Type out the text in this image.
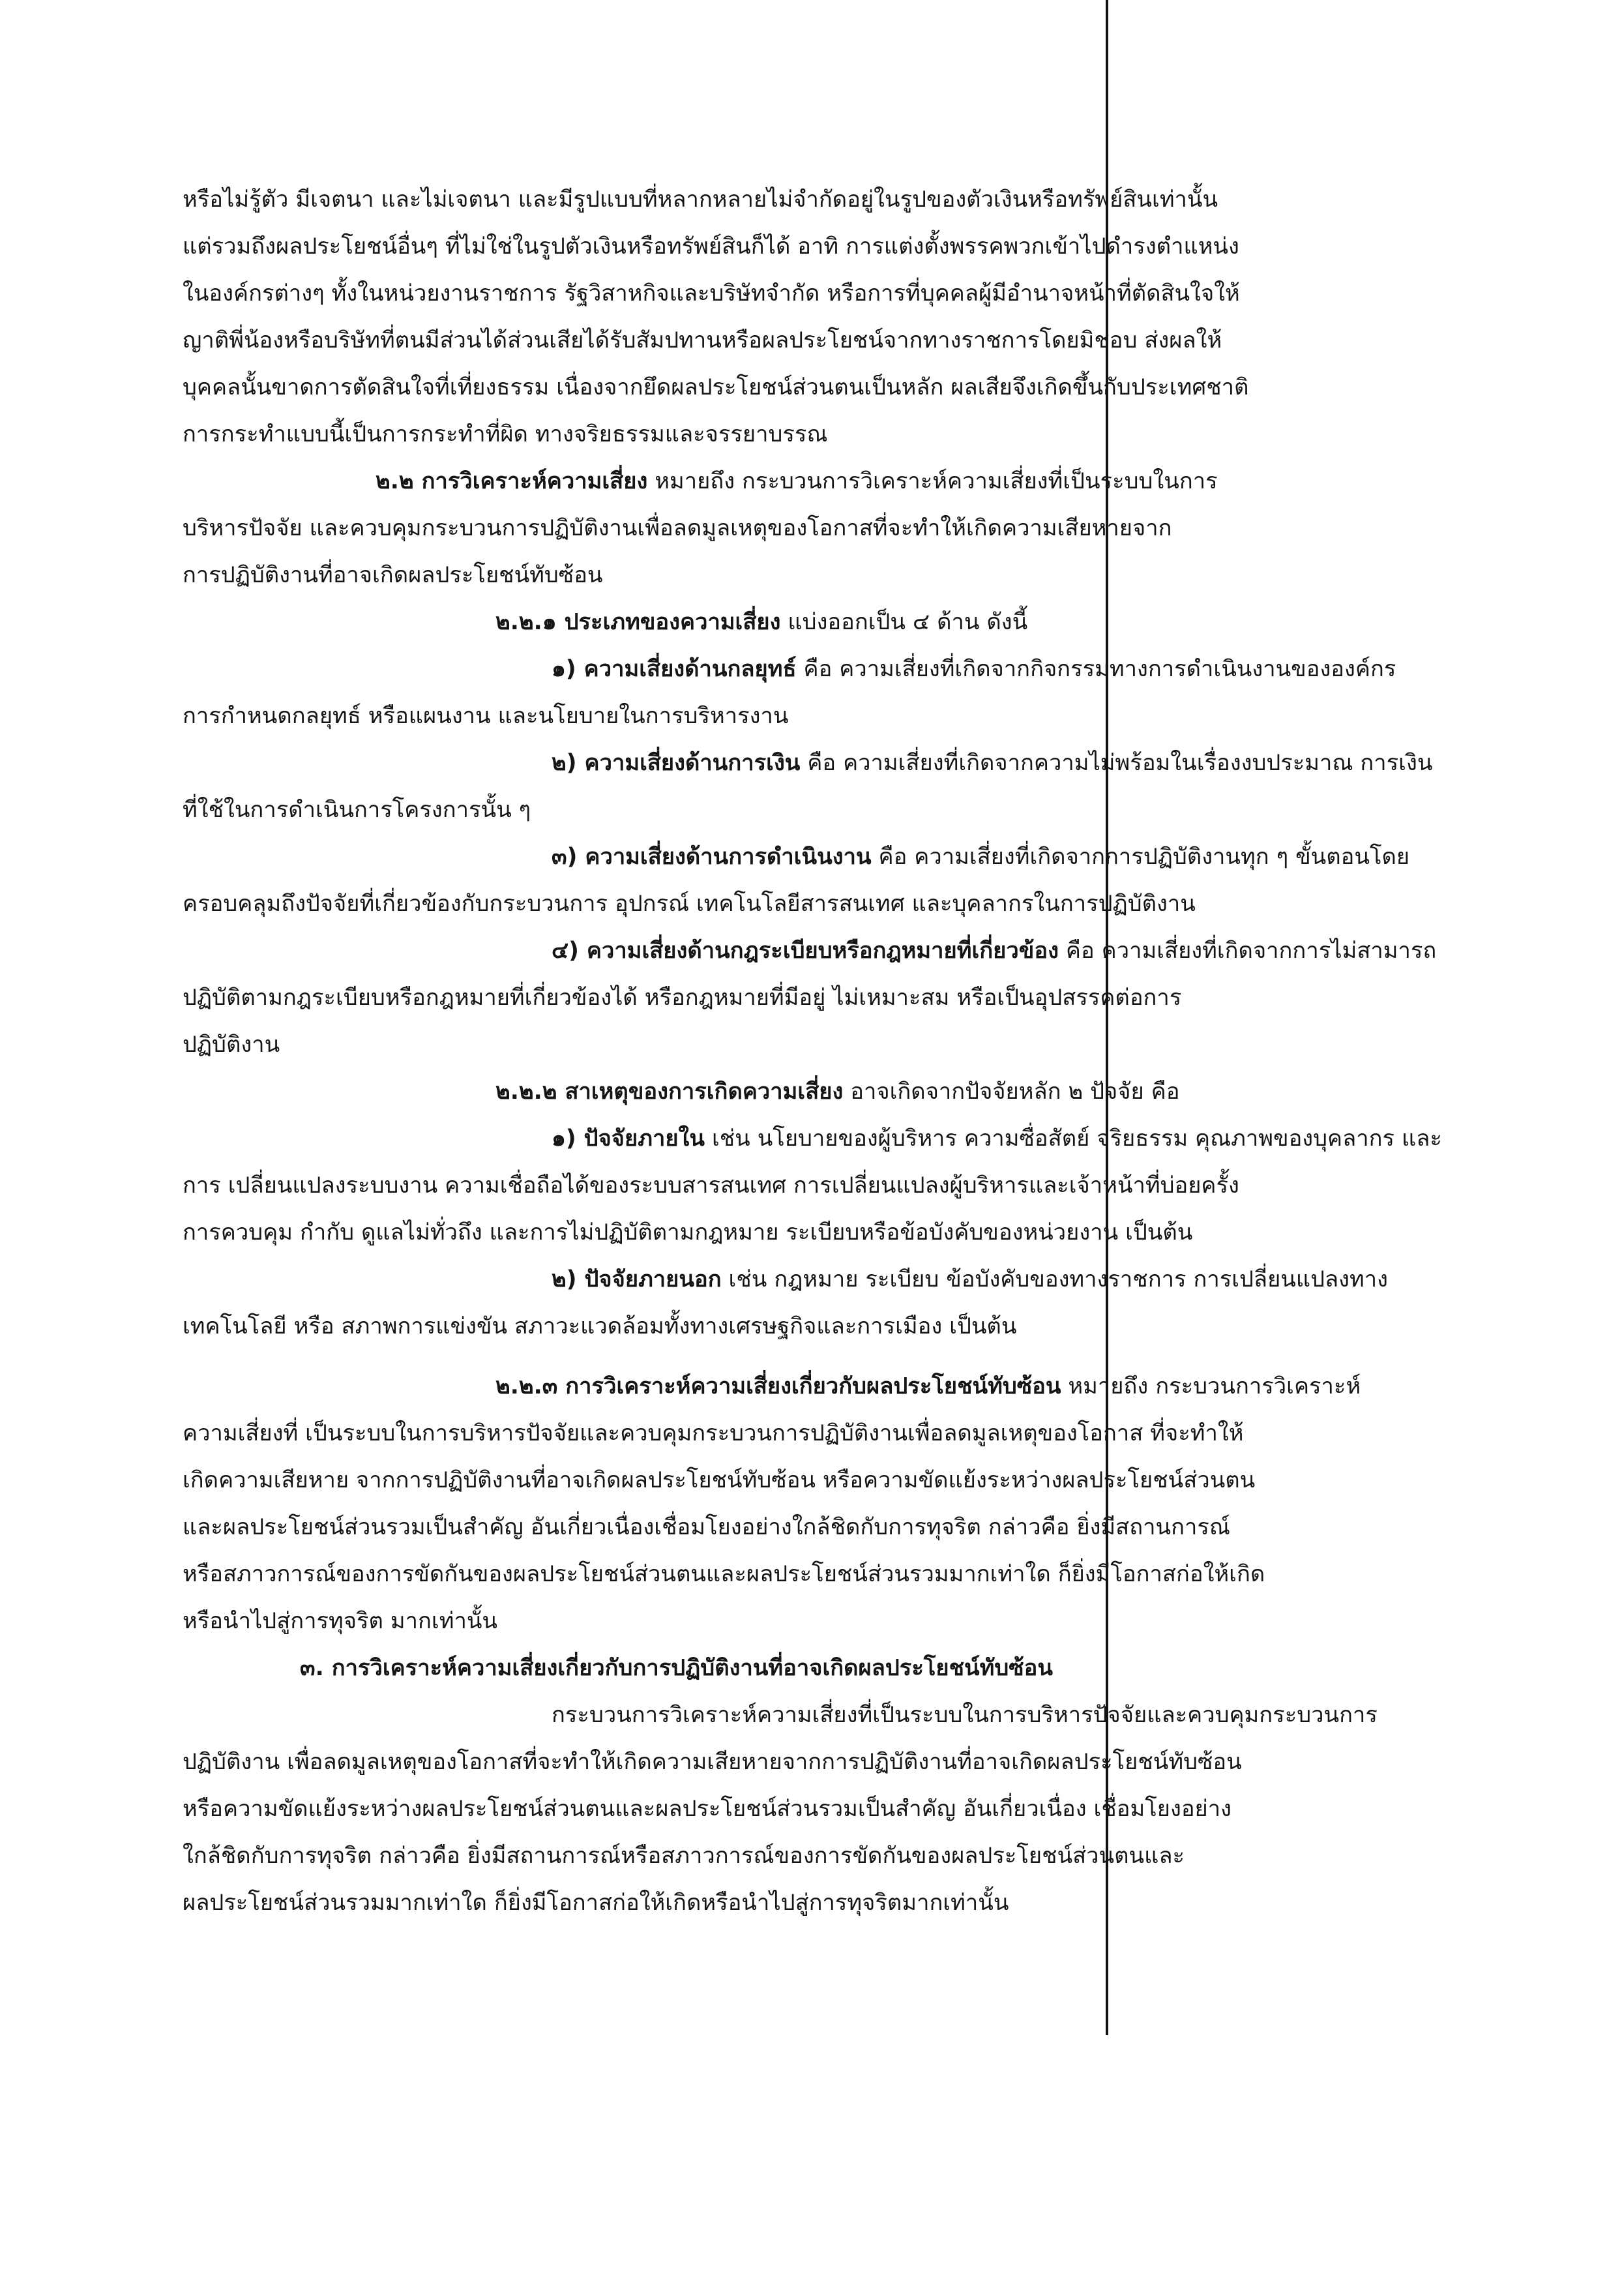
หรือไม่รู้ตัว มีเจตนา และไม่เจตนา และมีรูปแบบที่หลากหลายไม่จำกัดอยู่ในรูปของตัวเงินหรือทรัพย์สินเท่านั้น
แต่รวมถึงผลประโยชน์อื่นๆ ที่ไม่ใช่ในรูปตัวเงินหรือทรัพย์สินก็ได้ อาทิ การแต่งตั้งพรรคพวกเข้าไปดำรงตำแหน่ง
ในองค์กรต่างๆ ทั้งในหน่วยงานราชการ รัฐวิสาหกิจและบริษัทจำกัด หรือการที่บุคคลผู้มีอำนาจหน้าที่ตัดสินใจให้
ญาติพี่น้องหรือบริษัทที่ตนมีส่วนได้ส่วนเสียได้รับสัมปทานหรือผลประโยชน์จากทางราชการโดยมิชอบ ส่งผลให้
บุคคลนั้นขาดการตัดสินใจที่เที่ยงธรรม เนื่องจากยึดผลประโยชน์ส่วนตนเป็นหลัก ผลเสียจึงเกิดขึ้นกับประเทศชาติ
การกระทำแบบนี้เป็นการกระทำที่ผิด ทางจริยธรรมและจรรยาบรรณ
๒.๒ การวิเคราะห์ความเสี่ยง หมายถึง กระบวนการวิเคราะห์ความเสี่ยงที่เป็นระบบในการ
บริหารปัจจัย และควบคุมกระบวนการปฏิบัติงานเพื่อลดมูลเหตุของโอกาสที่จะทำให้เกิดความเสียหายจาก
การปฏิบัติงานที่อาจเกิดผลประโยชน์ทับซ้อน
๒.๒.๑ ประเภทของความเสี่ยง แบ่งออกเป็น ๔ ด้าน ดังนี้
๑) ความเสี่ยงด้านกลยุทธ์ คือ ความเสี่ยงที่เกิดจากกิจกรรมทางการดำเนินงานขององค์กร
การกำหนดกลยุทธ์ หรือแผนงาน และนโยบายในการบริหารงาน
๒) ความเสี่ยงด้านการเงิน คือ ความเสี่ยงที่เกิดจากความไม่พร้อมในเรื่องงบประมาณ การเงิน
ที่ใช้ในการดำเนินการโครงการนั้น ๆ
๓) ความเสี่ยงด้านการดำเนินงาน คือ ความเสี่ยงที่เกิดจากการปฏิบัติงานทุก ๆ ขั้นตอนโดย
ครอบคลุมถึงปัจจัยที่เกี่ยวข้องกับกระบวนการ อุปกรณ์ เทคโนโลยีสารสนเทศ และบุคลากรในการปฏิบัติงาน
๔) ความเสี่ยงด้านกฎระเบียบหรือกฎหมายที่เกี่ยวข้อง คือ ความเสี่ยงที่เกิดจากการไม่สามารถ
ปฏิบัติตามกฎระเบียบหรือกฎหมายที่เกี่ยวข้องได้ หรือกฎหมายที่มีอยู่ ไม่เหมาะสม หรือเป็นอุปสรรคต่อการ
ปฏิบัติงาน
๒.๒.๒ สาเหตุของการเกิดความเสี่ยง อาจเกิดจากปัจจัยหลัก ๒ ปัจจัย คือ
๑) ปัจจัยภายใน เช่น นโยบายของผู้บริหาร ความซื่อสัตย์ จริยธรรม คุณภาพของบุคลากร และ
การ เปลี่ยนแปลงระบบงาน ความเชื่อถือได้ของระบบสารสนเทศ การเปลี่ยนแปลงผู้บริหารและเจ้าหน้าที่บ่อยครั้ง
การควบคุม กำกับ ดูแลไม่ทั่วถึง และการไม่ปฏิบัติตามกฎหมาย ระเบียบหรือข้อบังคับของหน่วยงาน เป็นต้น
๒) ปัจจัยภายนอก เช่น กฎหมาย ระเบียบ ข้อบังคับของทางราชการ การเปลี่ยนแปลงทาง
เทคโนโลยี หรือ สภาพการแข่งขัน สภาวะแวดล้อมทั้งทางเศรษฐกิจและการเมือง เป็นต้น
๒.๒.๓ การวิเคราะห์ความเสี่ยงเกี่ยวกับผลประโยชน์ทับซ้อน หมายถึง กระบวนการวิเคราะห์
ความเสี่ยงที่ เป็นระบบในการบริหารปัจจัยและควบคุมกระบวนการปฏิบัติงานเพื่อลดมูลเหตุของโอกาส ที่จะทำให้
เกิดความเสียหาย จากการปฏิบัติงานที่อาจเกิดผลประโยชน์ทับซ้อน หรือความขัดแย้งระหว่างผลประโยชน์ส่วนตน
และผลประโยชน์ส่วนรวมเป็นสำคัญ อันเกี่ยวเนื่องเชื่อมโยงอย่างใกล้ชิดกับการทุจริต กล่าวคือ ยิ่งมีสถานการณ์
หรือสภาวการณ์ของการขัดกันของผลประโยชน์ส่วนตนและผลประโยชน์ส่วนรวมมากเท่าใด ก็ยิ่งมีโอกาสก่อให้เกิด
หรือนำไปสู่การทุจริต มากเท่านั้น
๓. การวิเคราะห์ความเสี่ยงเกี่ยวกับการปฏิบัติงานที่อาจเกิดผลประโยชน์ทับซ้อน
กระบวนการวิเคราะห์ความเสี่ยงที่เป็นระบบในการบริหารปัจจัยและควบคุมกระบวนการ
ปฏิบัติงาน เพื่อลดมูลเหตุของโอกาสที่จะทำให้เกิดความเสียหายจากการปฏิบัติงานที่อาจเกิดผลประโยชน์ทับซ้อน
หรือความขัดแย้งระหว่างผลประโยชน์ส่วนตนและผลประโยชน์ส่วนรวมเป็นสำคัญ อันเกี่ยวเนื่อง เชื่อมโยงอย่าง
ใกล้ชิดกับการทุจริต กล่าวคือ ยิ่งมีสถานการณ์หรือสภาวการณ์ของการขัดกันของผลประโยชน์ส่วนตนและ
ผลประโยชน์ส่วนรวมมากเท่าใด ก็ยิ่งมีโอกาสก่อให้เกิดหรือนำไปสู่การทุจริตมากเท่านั้น
